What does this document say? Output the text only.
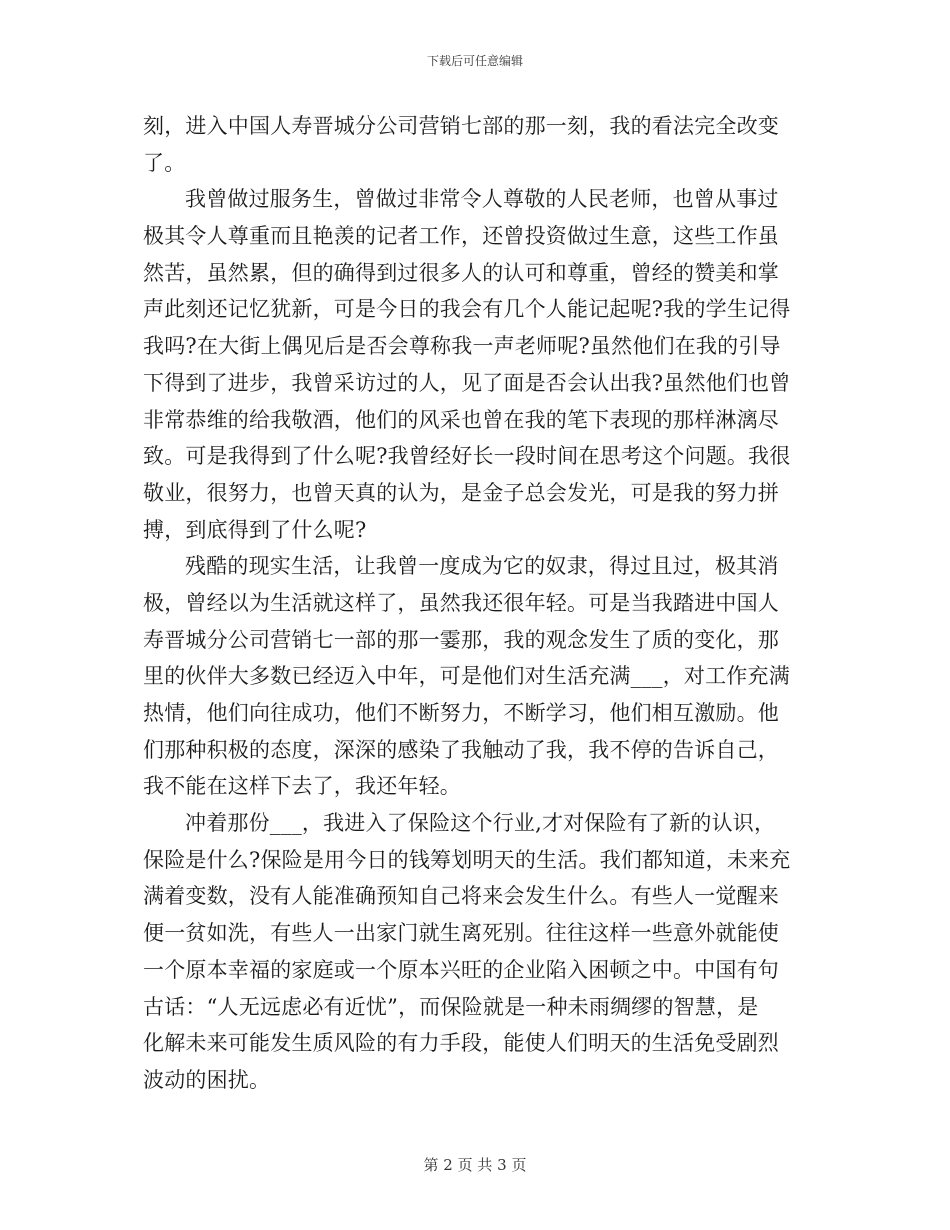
下载后可任意编辑
刻，进入中国人寿晋城分公司营销七部的那一刻，我的看法完全改变
了。
我曾做过服务生，曾做过非常令人尊敬的人民老师，也曾从事过
极其令人尊重而且艳羡的记者工作，还曾投资做过生意，这些工作虽
然苦，虽然累，但的确得到过很多人的认可和尊重，曾经的赞美和掌
声此刻还记忆犹新，可是今日的我会有几个人能记起呢?我的学生记得
我吗?在大街上偶见后是否会尊称我一声老师呢?虽然他们在我的引导
下得到了进步，我曾采访过的人，见了面是否会认出我?虽然他们也曾
非常恭维的给我敬酒，他们的风采也曾在我的笔下表现的那样淋漓尽
致。可是我得到了什么呢?我曾经好长一段时间在思考这个问题。我很
敬业，很努力，也曾天真的认为，是金子总会发光，可是我的努力拼
搏，到底得到了什么呢?
残酷的现实生活，让我曾一度成为它的奴隶，得过且过，极其消
极，曾经以为生活就这样了，虽然我还很年轻。可是当我踏进中国人
寿晋城分公司营销七一部的那一霎那，我的观念发生了质的变化，那
里的伙伴大多数已经迈入中年，可是他们对生活充满___，对工作充满
热情，他们向往成功，他们不断努力，不断学习，他们相互激励。他
们那种积极的态度，深深的感染了我触动了我，我不停的告诉自己，
我不能在这样下去了，我还年轻。
冲着那份___，我进入了保险这个行业,才对保险有了新的认识，
保险是什么?保险是用今日的钱筹划明天的生活。我们都知道，未来充
满着变数，没有人能准确预知自己将来会发生什么。有些人一觉醒来
便一贫如洗，有些人一出家门就生离死别。往往这样一些意外就能使
一个原本幸福的家庭或一个原本兴旺的企业陷入困顿之中。中国有句
古话：“人无远虑必有近忧”，而保险就是一种未雨绸缪的智慧，是
化解未来可能发生质风险的有力手段，能使人们明天的生活免受剧烈
波动的困扰。
第 2 页 共 3 页
